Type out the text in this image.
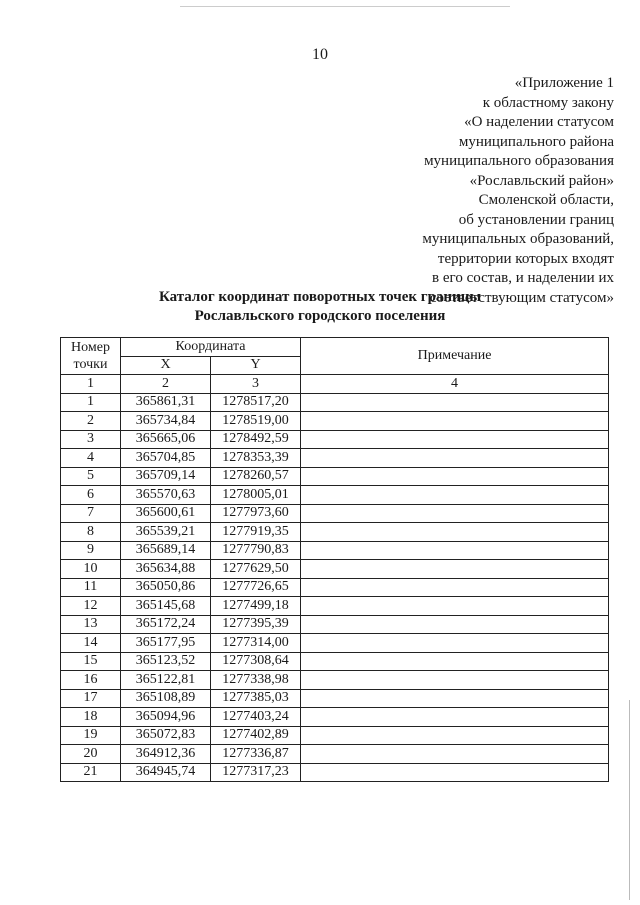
10
«Приложение 1
к областному закону
«О наделении статусом
муниципального района
муниципального образования
«Рославльский район»
Смоленской области,
об установлении границ
муниципальных образований,
территории которых входят
в его состав, и наделении их
соответствующим статусом»
Каталог координат поворотных точек границы
Рославльского городского поселения
Номер точки	Координата		Примечание
	X	Y	
1	2	3	4
1	365861,31	1278517,20	
2	365734,84	1278519,00	
3	365665,06	1278492,59	
4	365704,85	1278353,39	
5	365709,14	1278260,57	
6	365570,63	1278005,01	
7	365600,61	1277973,60	
8	365539,21	1277919,35	
9	365689,14	1277790,83	
10	365634,88	1277629,50	
11	365050,86	1277726,65	
12	365145,68	1277499,18	
13	365172,24	1277395,39	
14	365177,95	1277314,00	
15	365123,52	1277308,64	
16	365122,81	1277338,98	
17	365108,89	1277385,03	
18	365094,96	1277403,24	
19	365072,83	1277402,89	
20	364912,36	1277336,87	
21	364945,74	1277317,23	
